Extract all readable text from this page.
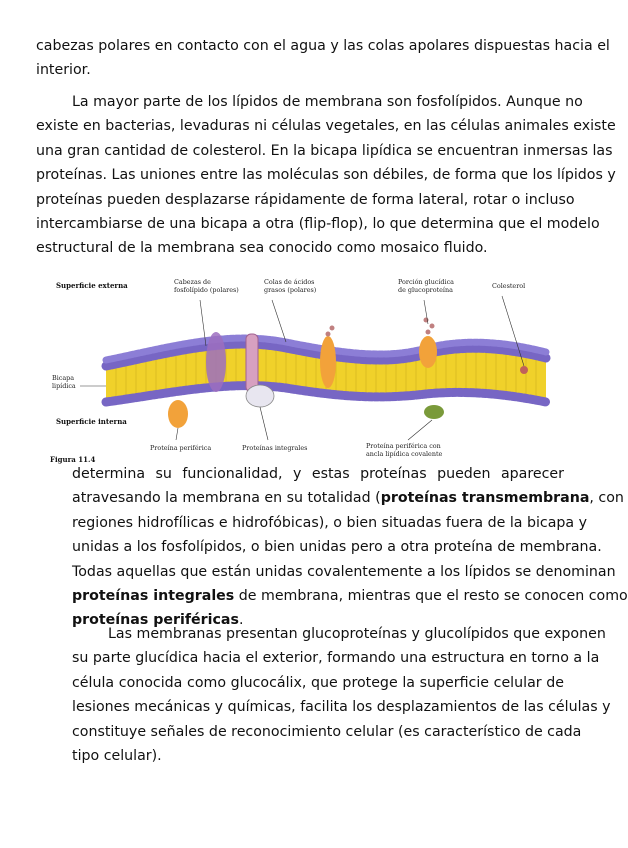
cabezas polares en contacto con el agua y las colas apolares dispuestas hacia el
interior.
La mayor parte de los lípidos de membrana son fosfolípidos. Aunque no
existe en bacterias, levaduras ni células vegetales, en las células animales existe
una gran cantidad de colesterol. En la bicapa lipídica se encuentran inmersas las
proteínas. Las uniones entre las moléculas son débiles, de forma que los lípidos y
proteínas pueden desplazarse rápidamente de forma lateral, rotar o incluso
intercambiarse de una bicapa a otra (flip-flop), lo que determina que el modelo
estructural de la membrana sea conocido como mosaico fluido.
Superficie externa	Cabezas de
fosfolípido (polares)
Colas de ácidos
grasos (polares)
Porción glucídica
de glucoproteína	Colesterol
Bicapa
lipídica
Superficie interna
Proteína periférica	Proteínas integrales	Proteína periférica con
ancla lipídica covalente
Figura 11.4
determina su funcionalidad, y estas proteínas pueden aparecer
atravesando la membrana en su totalidad (proteínas transmembrana, con
regiones hidrofílicas e hidrofóbicas), o bien situadas fuera de la bicapa y
unidas a los fosfolípidos, o bien unidas pero a otra proteína de membrana.
Todas aquellas que están unidas covalentemente a los lípidos se denominan
proteínas integrales de membrana, mientras que el resto se conocen como
proteínas periféricas.
Las membranas presentan glucoproteínas y glucolípidos que exponen
su parte glucídica hacia el exterior, formando una estructura en torno a la
célula conocida como glucocálix, que protege la superficie celular de
lesiones mecánicas y químicas, facilita los desplazamientos de las células y
constituye señales de reconocimiento celular (es característico de cada
tipo celular).
